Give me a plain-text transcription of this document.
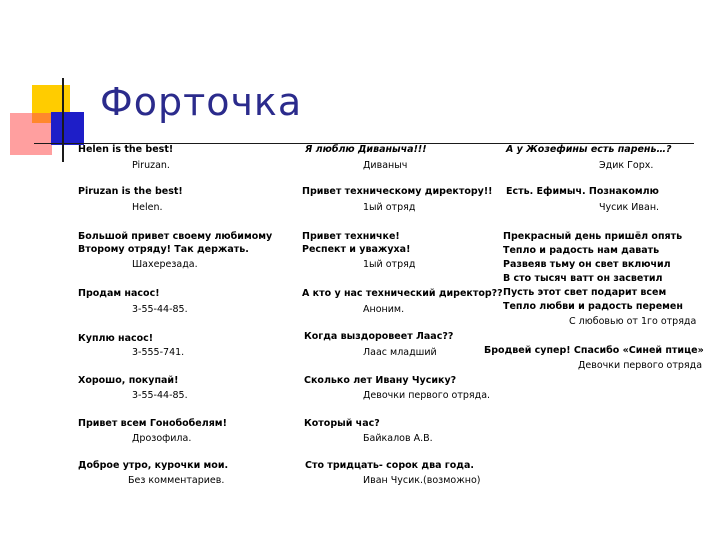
Форточка
Helen is the best!
Piruzan.
Piruzan is the best!
Helen.
Большой привет своему любимому
Второму отряду! Так держать.
Шахерезада.
Продам насос!
3-55-44-85.
Куплю насос!
3-555-741.
Хорошо, покупай!
3-55-44-85.
Привет всем Гонобобелям!
Дрозофила.
Доброе утро, курочки мои.
Без комментариев.
Я люблю Диваныча!!!
Диваныч
Привет техническому директору!!
1ый отряд
Привет техничке!
Респект и уважуха!
1ый отряд
А кто у нас технический директор??
Аноним.
Когда выздоровеет Лаас??
Лаас младший
Сколько лет Ивану Чусику?
Девочки первого отряда.
Который час?
Байкалов А.В.
Сто тридцать- сорок два года.
Иван Чусик.(возможно)
А у Жозефины есть парень…?
Эдик Горх.
Есть. Ефимыч. Познакомлю
Чусик Иван.
Прекрасный день пришёл опять
Тепло и радость нам давать
Развеяв тьму он свет включил
В сто тысяч ватт он засветил
Пусть этот свет подарит всем
Тепло любви и радость перемен
С любовью от 1го отряда
Бродвей супер! Спасибо «Синей птице»
Девочки первого отряда
